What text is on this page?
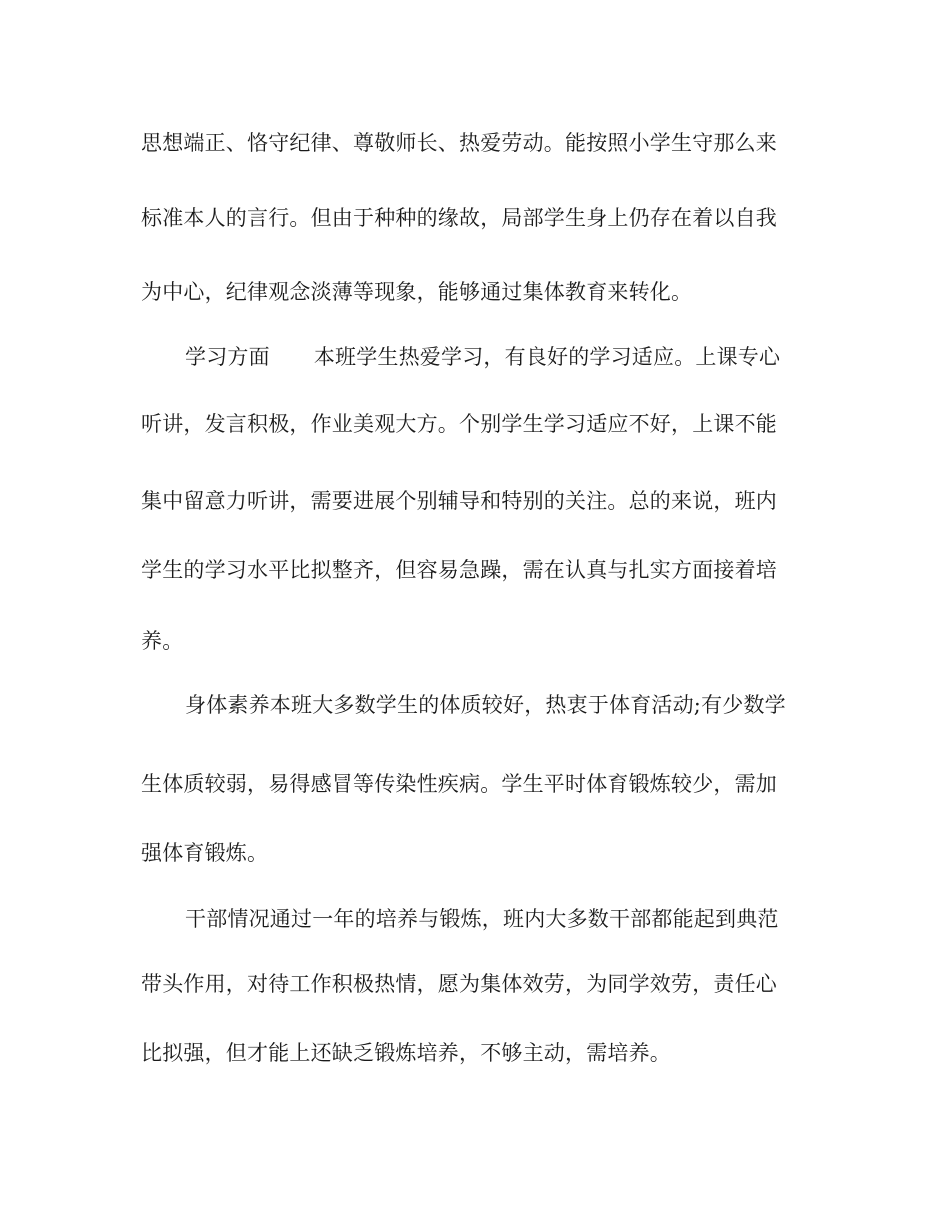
思想端正、恪守纪律、尊敬师长、热爱劳动。能按照小学生守那么来
标准本人的言行。但由于种种的缘故，局部学生身上仍存在着以自我
为中心，纪律观念淡薄等现象，能够通过集体教育来转化。
学习方面 本班学生热爱学习，有良好的学习适应。上课专心
听讲，发言积极，作业美观大方。个别学生学习适应不好，上课不能
集中留意力听讲，需要进展个别辅导和特别的关注。总的来说，班内
学生的学习水平比拟整齐，但容易急躁，需在认真与扎实方面接着培
养。
身体素养本班大多数学生的体质较好，热衷于体育活动;有少数学
生体质较弱，易得感冒等传染性疾病。学生平时体育锻炼较少，需加
强体育锻炼。
干部情况通过一年的培养与锻炼，班内大多数干部都能起到典范
带头作用，对待工作积极热情，愿为集体效劳，为同学效劳，责任心
比拟强，但才能上还缺乏锻炼培养，不够主动，需培养。
